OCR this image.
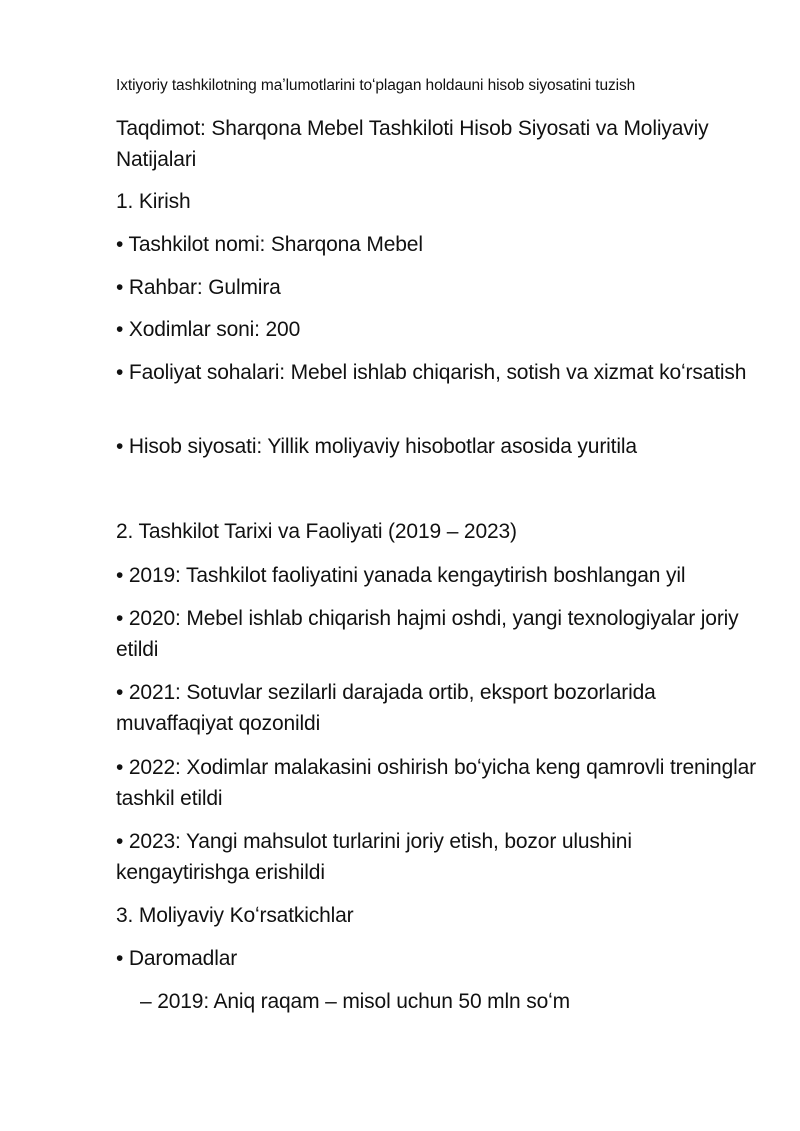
Ixtiyoriy tashkilotning maʼlumotlarini toʻplagan holdauni hisob siyosatini tuzish
Taqdimot: Sharqona Mebel Tashkiloti Hisob Siyosati va Moliyaviy Natijalari
1. Kirish
• Tashkilot nomi: Sharqona Mebel
• Rahbar: Gulmira
• Xodimlar soni: 200
• Faoliyat sohalari: Mebel ishlab chiqarish, sotish va xizmat koʻrsatish
• Hisob siyosati: Yillik moliyaviy hisobotlar asosida yuritila
2. Tashkilot Tarixi va Faoliyati (2019 – 2023)
• 2019: Tashkilot faoliyatini yanada kengaytirish boshlangan yil
• 2020: Mebel ishlab chiqarish hajmi oshdi, yangi texnologiyalar joriy etildi
• 2021: Sotuvlar sezilarli darajada ortib, eksport bozorlarida muvaffaqiyat qozonildi
• 2022: Xodimlar malakasini oshirish boʻyicha keng qamrovli treninglar tashkil etildi
• 2023: Yangi mahsulot turlarini joriy etish, bozor ulushini kengaytirishga erishildi
3. Moliyaviy Koʻrsatkichlar
• Daromadlar
– 2019: Aniq raqam – misol uchun 50 mln soʻm
